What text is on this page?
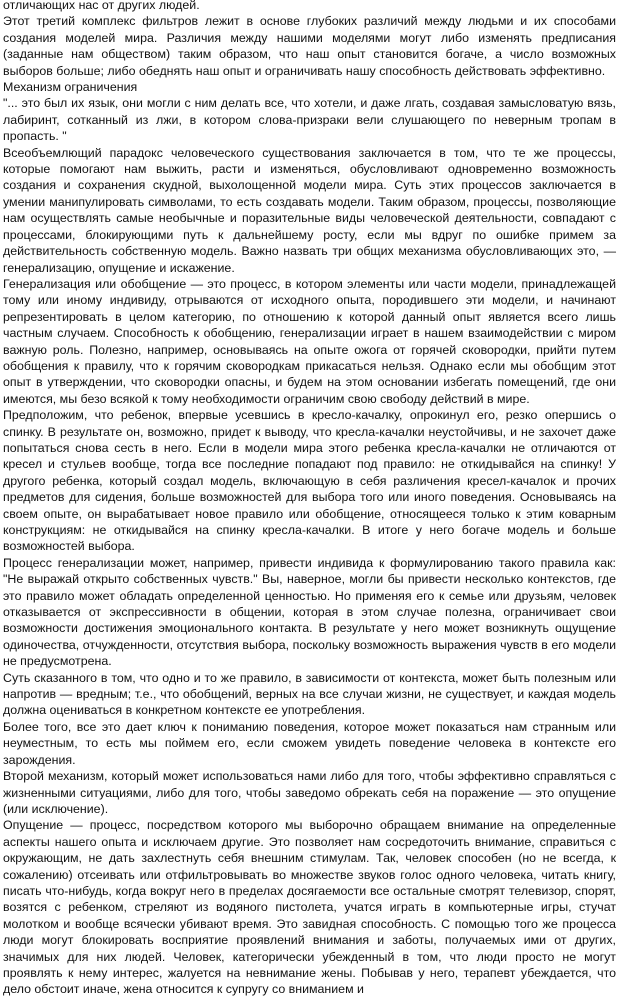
отличающих нас от других людей.

Этот третий комплекс фильтров лежит в основе глубоких различий между людьми и их способами создания моделей мира. Различия между нашими моделями могут либо изменять предписания (заданные нам обществом) таким образом, что наш опыт становится богаче, а число возможных выборов больше; либо обеднять наш опыт и ограничивать нашу способность действовать эффективно.

Механизм ограничения

"... это был их язык, они могли с ним делать все, что хотели, и даже лгать, создавая замысловатую вязь, лабиринт, сотканный из лжи, в котором слова-призраки вели слушающего по неверным тропам в пропасть. "

Всеобъемлющий парадокс человеческого существования заключается в том, что те же процессы, которые помогают нам выжить, расти и изменяться, обусловливают одновременно возможность создания и сохранения скудной, выхолощенной модели мира. Суть этих процессов заключается в умении манипулировать символами, то есть создавать модели. Таким образом, процессы, позволяющие нам осуществлять самые необычные и поразительные виды человеческой деятельности, совпадают с процессами, блокирующими путь к дальнейшему росту, если мы вдруг по ошибке примем за действительность собственную модель. Важно назвать три общих механизма обусловливающих это, — генерализацию, опущение и искажение.

Генерализация или обобщение — это процесс, в котором элементы или части модели, принадлежащей тому или иному индивиду, отрываются от исходного опыта, породившего эти модели, и начинают репрезентировать в целом категорию, по отношению к которой данный опыт является всего лишь частным случаем. Способность к обобщению, генерализации играет в нашем взаимодействии с миром важную роль. Полезно, например, основываясь на опыте ожога от горячей сковородки, прийти путем обобщения к правилу, что к горячим сковородкам прикасаться нельзя. Однако если мы обобщим этот опыт в утверждении, что сковородки опасны, и будем на этом основании избегать помещений, где они имеются, мы безо всякой к тому необходимости ограничим свою свободу действий в мире.

Предположим, что ребенок, впервые усевшись в кресло-качалку, опрокинул его, резко опершись о спинку. В результате он, возможно, придет к выводу, что кресла-качалки неустойчивы, и не захочет даже попытаться снова сесть в него. Если в модели мира этого ребенка кресла-качалки не отличаются от кресел и стульев вообще, тогда все последние попадают под правило: не откидывайся на спинку! У другого ребенка, который создал модель, включающую в себя различения кресел-качалок и прочих предметов для сидения, больше возможностей для выбора того или иного поведения. Основываясь на своем опыте, он вырабатывает новое правило или обобщение, относящееся только к этим коварным конструкциям: не откидывайся на спинку кресла-качалки. В итоге у него богаче модель и больше возможностей выбора.

Процесс генерализации может, например, привести индивида к формулированию такого правила как: "Не выражай открыто собственных чувств." Вы, наверное, могли бы привести несколько контекстов, где это правило может обладать определенной ценностью. Но применяя его к семье или друзьям, человек отказывается от экспрессивности в общении, которая в этом случае полезна, ограничивает свои возможности достижения эмоционального контакта. В результате у него может возникнуть ощущение одиночества, отчужденности, отсутствия выбора, поскольку возможность выражения чувств в его модели не предусмотрена.

Суть сказанного в том, что одно и то же правило, в зависимости от контекста, может быть полезным или напротив — вредным; т.е., что обобщений, верных на все случаи жизни, не существует, и каждая модель должна оцениваться в конкретном контексте ее употребления.

Более того, все это дает ключ к пониманию поведения, которое может показаться нам странным или неуместным, то есть мы поймем его, если сможем увидеть поведение человека в контексте его зарождения.

Второй механизм, который может использоваться нами либо для того, чтобы эффективно справляться с жизненными ситуациями, либо для того, чтобы заведомо обрекать себя на поражение — это опущение (или исключение).

Опущение — процесс, посредством которого мы выборочно обращаем внимание на определенные аспекты нашего опыта и исключаем другие. Это позволяет нам сосредоточить внимание, справиться с окружающим, не дать захлестнуть себя внешним стимулам. Так, человек способен (но не всегда, к сожалению) отсеивать или отфильтровывать во множестве звуков голос одного человека, читать книгу, писать что-нибудь, когда вокруг него в пределах досягаемости все остальные смотрят телевизор, спорят, возятся с ребенком, стреляют из водяного пистолета, учатся играть в компьютерные игры, стучат молотком и вообще всячески убивают время. Это завидная способность. С помощью того же процесса люди могут блокировать восприятие проявлений внимания и заботы, получаемых ими от других, значимых для них людей. Человек, категорически убежденный в том, что люди просто не могут проявлять к нему интерес, жалуется на невнимание жены. Побывав у него, терапевт убеждается, что дело обстоит иначе, жена относится к супругу со вниманием и
